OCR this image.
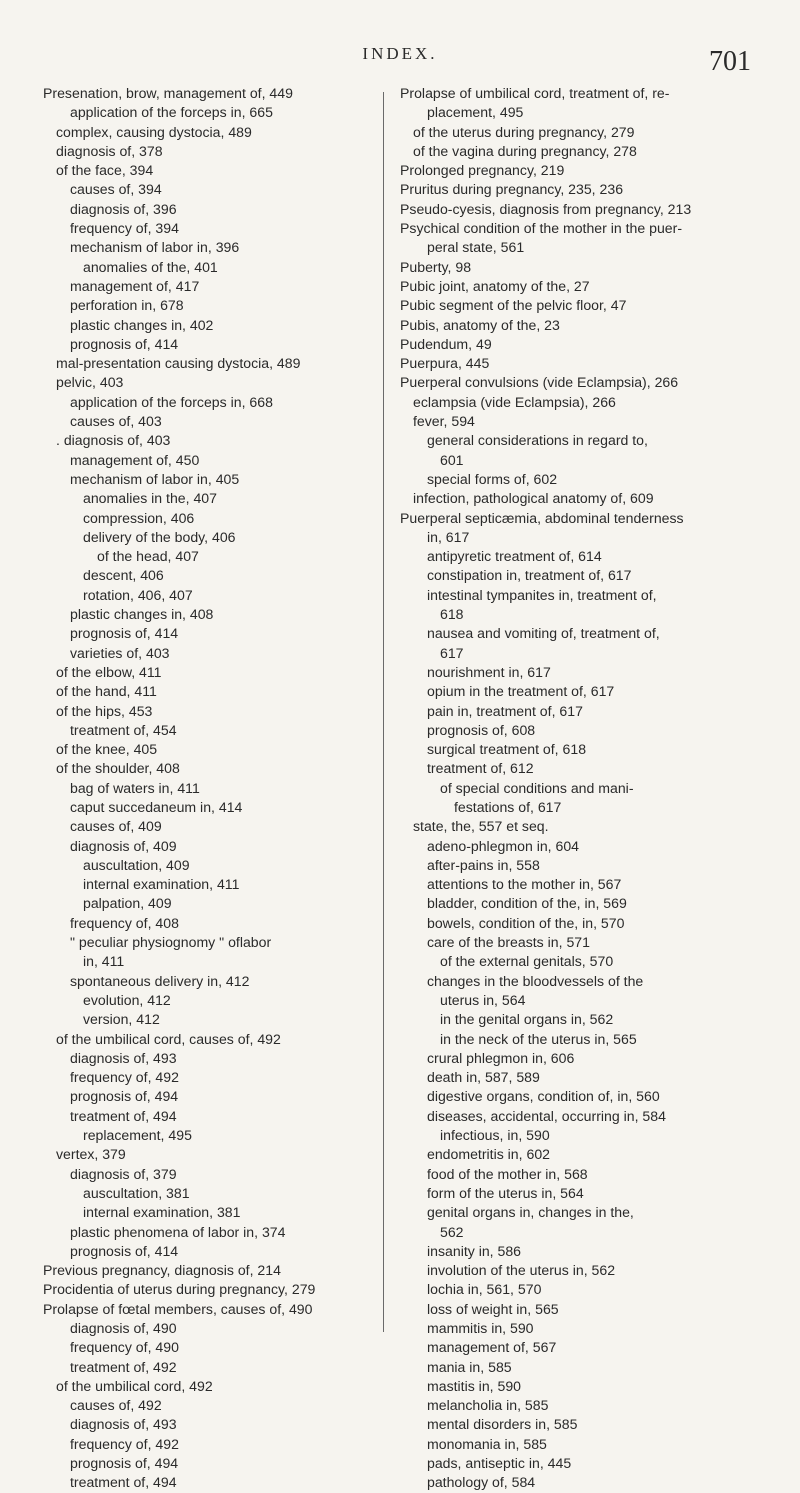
INDEX.	701
Presenation, brow, management of, 449
application of the forceps in, 665
complex, causing dystocia, 489
diagnosis of, 378
of the face, 394
causes of, 394
diagnosis of, 396
frequency of, 394
mechanism of labor in, 396
anomalies of the, 401
management of, 417
perforation in, 678
plastic changes in, 402
prognosis of, 414
mal-presentation causing dystocia, 489
pelvic, 403
application of the forceps in, 668
causes of, 403
. diagnosis of, 403
management of, 450
mechanism of labor in, 405
anomalies in the, 407
compression, 406
delivery of the body, 406
of the head, 407
descent, 406
rotation, 406, 407
plastic changes in, 408
prognosis of, 414
varieties of, 403
of the elbow, 411
of the hand, 411
of the hips, 453
treatment of, 454
of the knee, 405
of the shoulder, 408
bag of waters in, 411
caput succedaneum in, 414
causes of, 409
diagnosis of, 409
auscultation, 409
internal examination, 411
palpation, 409
frequency of, 408
" peculiar physiognomy " oflabor
in, 411
spontaneous delivery in, 412
evolution, 412
version, 412
of the umbilical cord, causes of, 492
diagnosis of, 493
frequency of, 492
prognosis of, 494
treatment of, 494
replacement, 495
vertex, 379
diagnosis of, 379
auscultation, 381
internal examination, 381
plastic phenomena of labor in, 374
prognosis of, 414
Previous pregnancy, diagnosis of, 214
Procidentia of uterus during pregnancy, 279
Prolapse of fœtal members, causes of, 490
diagnosis of, 490
frequency of, 490
treatment of, 492
of the umbilical cord, 492
causes of, 492
diagnosis of, 493
frequency of, 492
prognosis of, 494
treatment of, 494
Prolapse of umbilical cord, treatment of, re-
placement, 495
of the uterus during pregnancy, 279
of the vagina during pregnancy, 278
Prolonged pregnancy, 219
Pruritus during pregnancy, 235, 236
Pseudo-cyesis, diagnosis from pregnancy, 213
Psychical condition of the mother in the puer-
peral state, 561
Puberty, 98
Pubic joint, anatomy of the, 27
Pubic segment of the pelvic floor, 47
Pubis, anatomy of the, 23
Pudendum, 49
Puerpura, 445
Puerperal convulsions (vide Eclampsia), 266
eclampsia (vide Eclampsia), 266
fever, 594
general considerations in regard to,
601
special forms of, 602
infection, pathological anatomy of, 609
Puerperal septicæmia, abdominal tenderness
in, 617
antipyretic treatment of, 614
constipation in, treatment of, 617
intestinal tympanites in, treatment of,
618
nausea and vomiting of, treatment of,
617
nourishment in, 617
opium in the treatment of, 617
pain in, treatment of, 617
prognosis of, 608
surgical treatment of, 618
treatment of, 612
of special conditions and mani-
festations of, 617
state, the, 557 et seq.
adeno-phlegmon in, 604
after-pains in, 558
attentions to the mother in, 567
bladder, condition of the, in, 569
bowels, condition of the, in, 570
care of the breasts in, 571
of the external genitals, 570
changes in the bloodvessels of the
uterus in, 564
in the genital organs in, 562
in the neck of the uterus in, 565
crural phlegmon in, 606
death in, 587, 589
digestive organs, condition of, in, 560
diseases, accidental, occurring in, 584
infectious, in, 590
endometritis in, 602
food of the mother in, 568
form of the uterus in, 564
genital organs in, changes in the,
562
insanity in, 586
involution of the uterus in, 562
lochia in, 561, 570
loss of weight in, 565
mammitis in, 590
management of, 567
mania in, 585
mastitis in, 590
melancholia in, 585
mental disorders in, 585
monomania in, 585
pads, antiseptic in, 445
pathology of, 584
